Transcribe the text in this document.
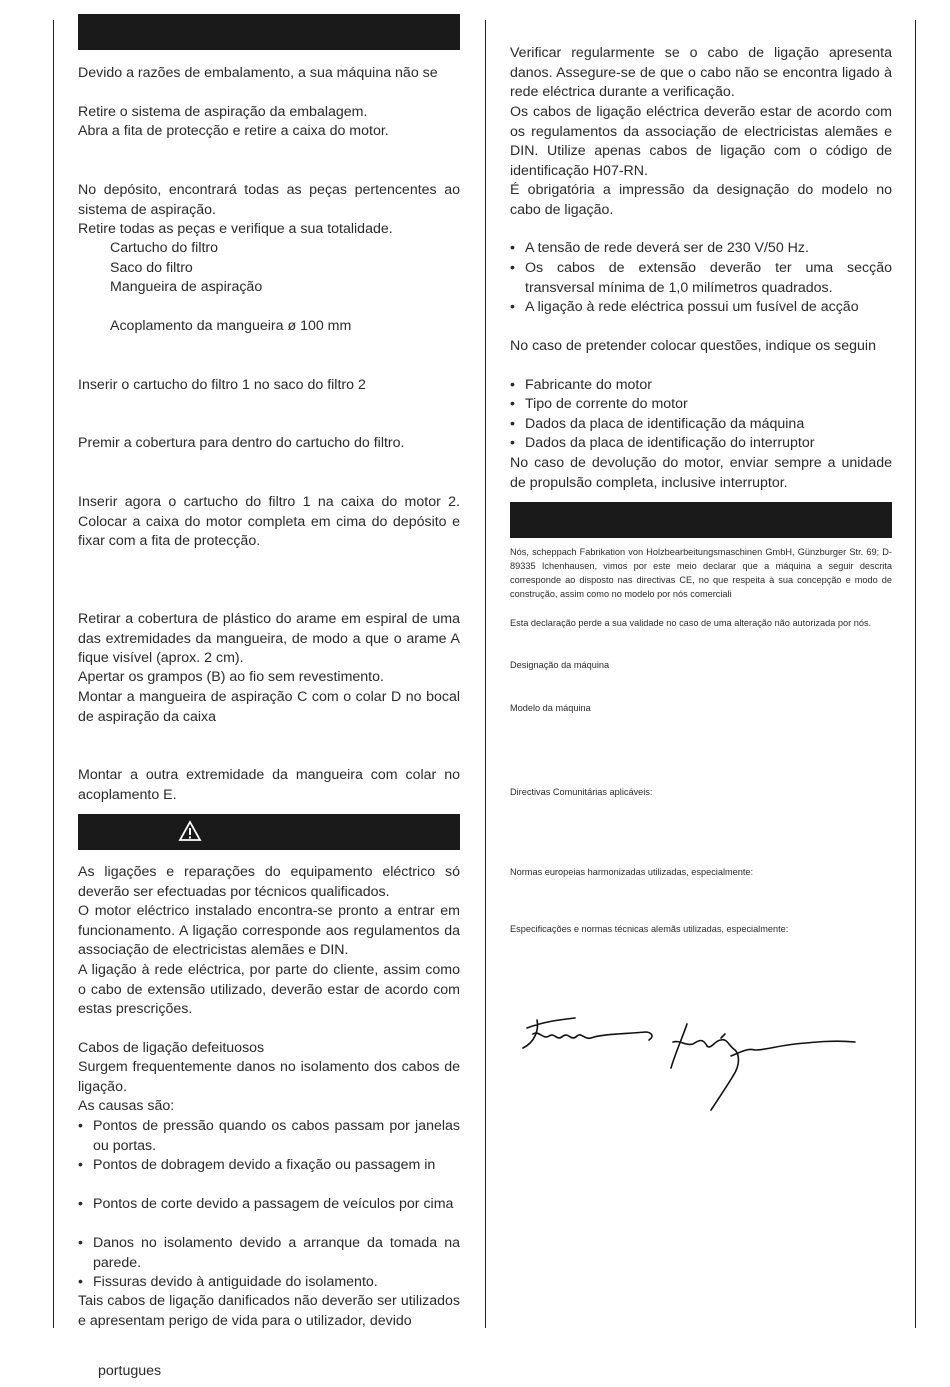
Devido a razões de embalamento, a sua máquina não se

Retire o sistema de aspiração da embalagem.

Abra a fita de protecção e retire a caixa do motor.

No depósito, encontrará todas as peças pertencentes ao sistema de aspiração.

Retire todas as peças e verifique a sua totalidade.

Cartucho do filtro

Saco do filtro

Mangueira de aspiração

Acoplamento da mangueira ø 100 mm

Inserir o cartucho do filtro 1 no saco do filtro 2

Premir a cobertura para dentro do cartucho do filtro.

Inserir agora o cartucho do filtro 1 na caixa do motor 2. Colocar a caixa do motor completa em cima do depósito e fixar com a fita de protecção.

Retirar a cobertura de plástico do arame em espiral de uma das extremidades da mangueira, de modo a que o arame A fique visível (aprox. 2 cm).

Apertar os grampos (B) ao fio sem revestimento.

Montar a mangueira de aspiração C com o colar D no bocal de aspiração da caixa

Montar a outra extremidade da mangueira com colar no acoplamento E.

As ligações e reparações do equipamento eléctrico só deverão ser efectuadas por técnicos qualificados.

O motor eléctrico instalado encontra-se pronto a entrar em funcionamento. A ligação corresponde aos regulamentos da associação de electricistas alemães e DIN.

A ligação à rede eléctrica, por parte do cliente, assim como o cabo de extensão utilizado, deverão estar de acordo com estas prescrições.

Cabos de ligação defeituosos

Surgem frequentemente danos no isolamento dos cabos de ligação.

As causas são:

• Pontos de pressão quando os cabos passam por janelas ou portas.
• Pontos de dobragem devido a fixação ou passagem in
• Pontos de corte devido a passagem de veículos por cima
• Danos no isolamento devido a arranque da tomada na parede.
• Fissuras devido à antiguidade do isolamento.

Tais cabos de ligação danificados não deverão ser utilizados e apresentam perigo de vida para o utilizador, devido

Verificar regularmente se o cabo de ligação apresenta danos. Assegure-se de que o cabo não se encontra ligado à rede eléctrica durante a verificação.

Os cabos de ligação eléctrica deverão estar de acordo com os regulamentos da associação de electricistas alemães e DIN. Utilize apenas cabos de ligação com o código de identificação H07-RN.

É obrigatória a impressão da designação do modelo no cabo de ligação.

• A tensão de rede deverá ser de 230 V/50 Hz.
• Os cabos de extensão deverão ter uma secção transversal mínima de 1,0 milímetros quadrados.
• A ligação à rede eléctrica possui um fusível de acção

No caso de pretender colocar questões, indique os seguin

• Fabricante do motor
• Tipo de corrente do motor
• Dados da placa de identificação da máquina
• Dados da placa de identificação do interruptor

No caso de devolução do motor, enviar sempre a unidade de propulsão completa, inclusive interruptor.

Nós, scheppach Fabrikation von Holzbearbeitungsmaschinen GmbH, Günzburger Str. 69; D-89335 Ichenhausen, vimos por este meio declarar que a máquina a seguir descrita corresponde ao disposto nas directivas CE, no que respeita à sua concepção e modo de construção, assim como no modelo por nós comerciali

Esta declaração perde a sua validade no caso de uma alteração não autorizada por nós.

Designação da máquina

Modelo da máquina

Directivas Comunitárias aplicáveis:

Normas europeias harmonizadas utilizadas, especialmente:

Especificações e normas técnicas alemãs utilizadas, especialmente:

portugues
